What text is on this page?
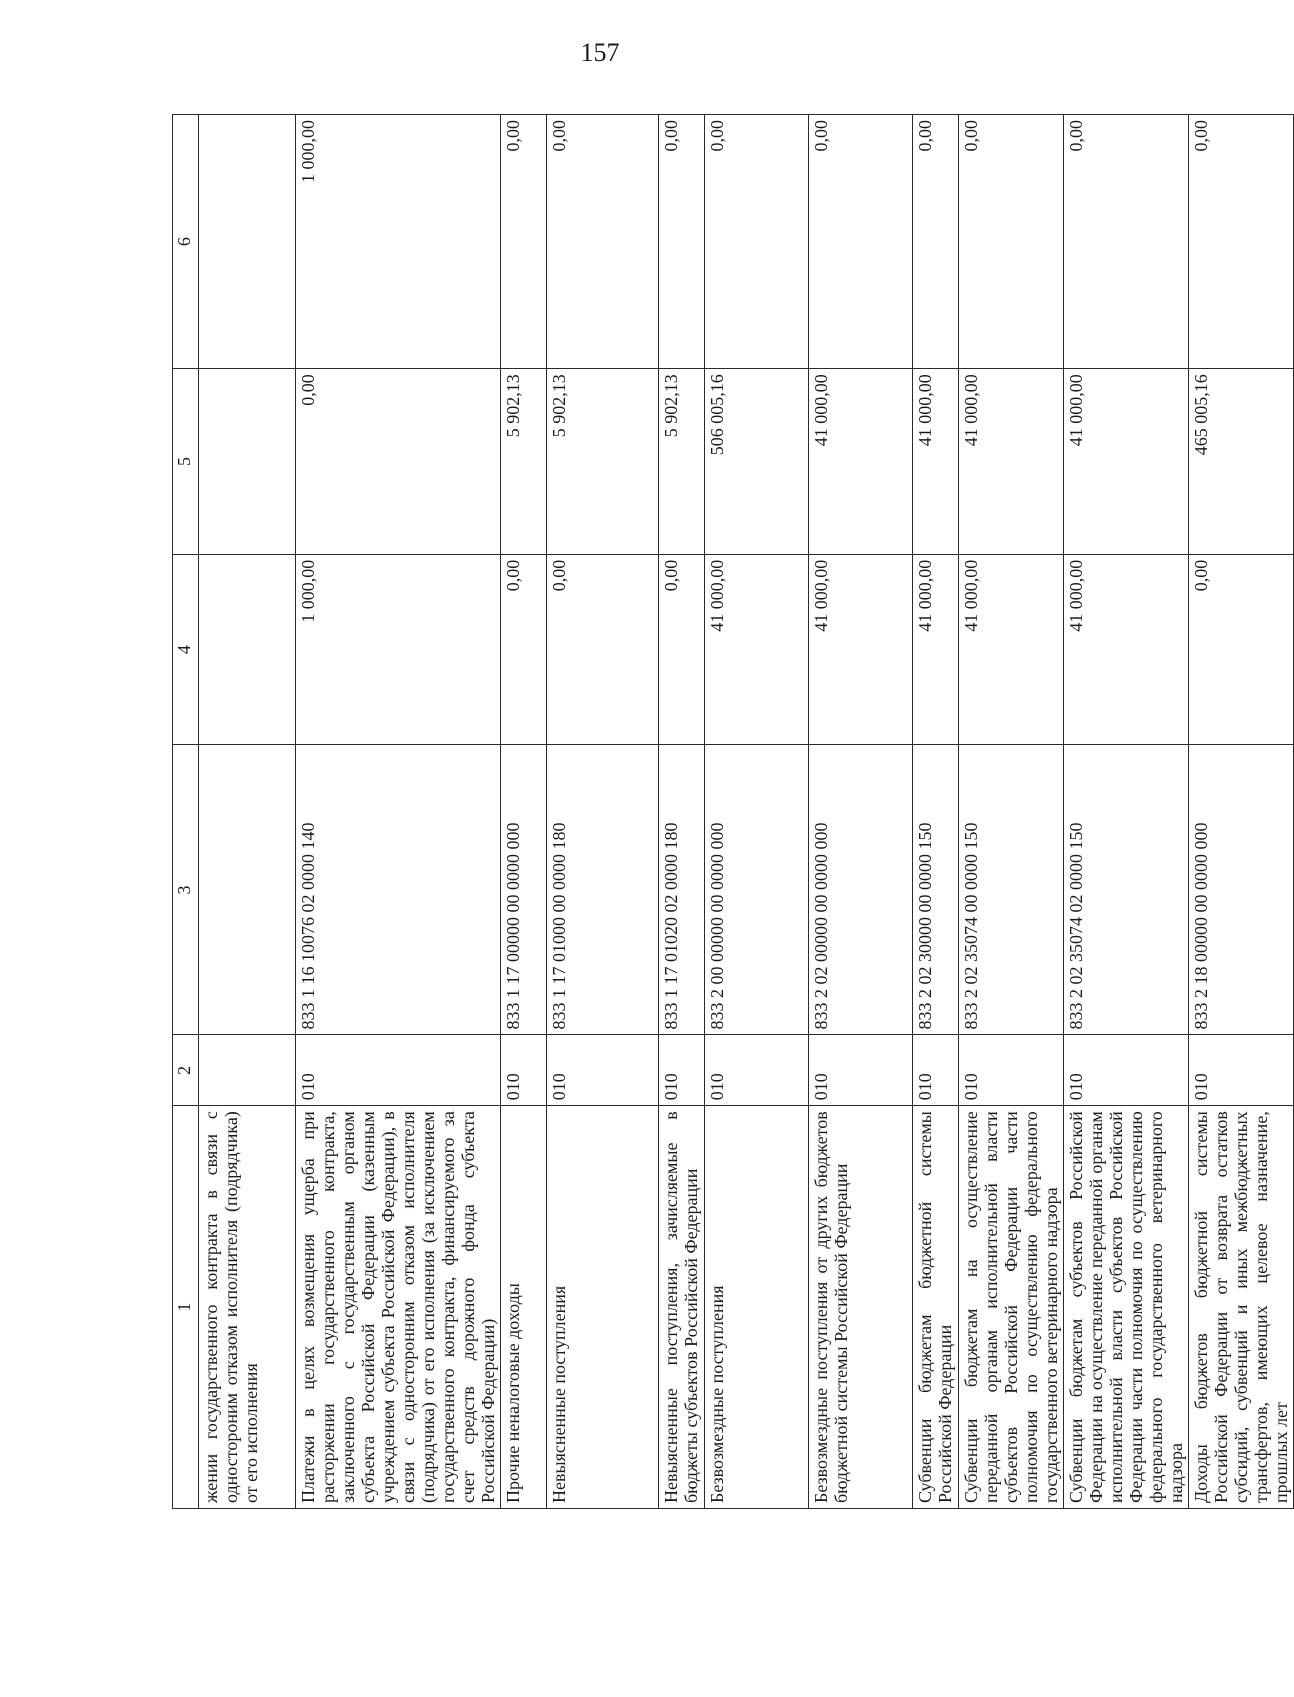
157
1	2	3	4	5	6
жении государственного контракта в связи с одностороним отказом исполнителя (подрядчика) от его исполнения					
Платежи в целях возмещения ущерба при расторжении государственного контракта, заключенного с государственным органом субъекта Российской Федерации (казенным учреждением субъекта Российской Федерации), в связи с односторонним отказом исполнителя (подрядчика) от его исполнения (за исключением государственного контракта, финансируемого за счет средств дорожного фонда субъекта Российской Федерации)	010	833 1 16 10076 02 0000 140	1 000,00	0,00	1 000,00
Прочие неналоговые доходы	010	833 1 17 00000 00 0000 000	0,00	5 902,13	0,00
Невыясненные поступления	010	833 1 17 01000 00 0000 180	0,00	5 902,13	0,00
Невыясненные поступления, зачисляемые в бюджеты субъектов Российской Федерации	010	833 1 17 01020 02 0000 180	0,00	5 902,13	0,00
Безвозмездные поступления	010	833 2 00 00000 00 0000 000	41 000,00	506 005,16	0,00
Безвозмездные поступления от других бюджетов бюджетной системы Российской Федерации	010	833 2 02 00000 00 0000 000	41 000,00	41 000,00	0,00
Субвенции бюджетам бюджетной системы Российской Федерации	010	833 2 02 30000 00 0000 150	41 000,00	41 000,00	0,00
Субвенции бюджетам на осуществление переданной органам исполнительной власти субъектов Российской Федерации части полномочия по осуществлению федерального государственного ветеринарного надзора	010	833 2 02 35074 00 0000 150	41 000,00	41 000,00	0,00
Субвенции бюджетам субъектов Российской Федерации на осуществление переданной органам исполнительной власти субъектов Российской Федерации части полномочия по осуществлению федерального государственного ветеринарного надзора	010	833 2 02 35074 02 0000 150	41 000,00	41 000,00	0,00
Доходы бюджетов бюджетной системы Российской Федерации от возврата остатков субсидий, субвенций и иных межбюджетных трансфертов, имеющих целевое назначение, прошлых лет	010	833 2 18 00000 00 0000 000	0,00	465 005,16	0,00
